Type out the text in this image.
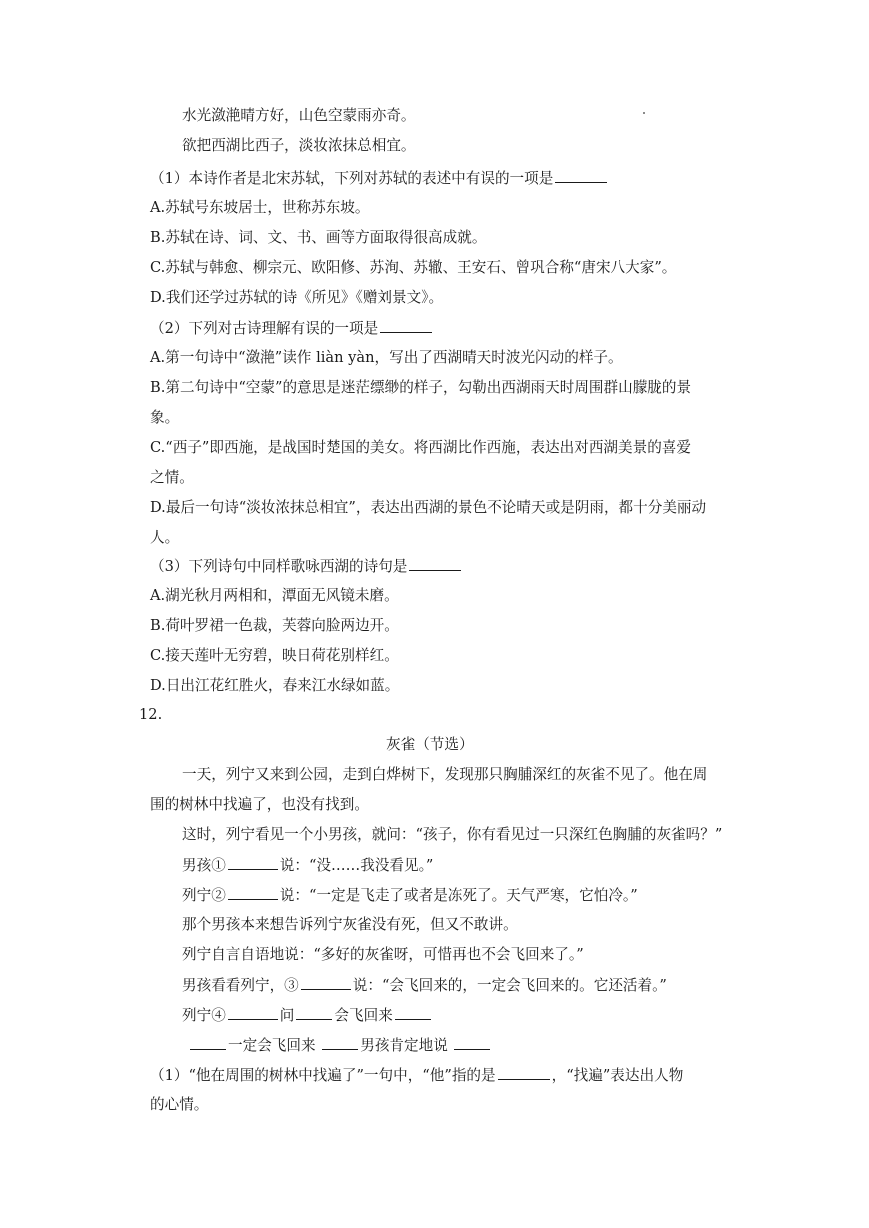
水光潋滟晴方好，山色空蒙雨亦奇。
欲把西湖比西子，淡妆浓抹总相宜。
（1）本诗作者是北宋苏轼，下列对苏轼的表述中有误的一项是
A.苏轼号东坡居士，世称苏东坡。
B.苏轼在诗、词、文、书、画等方面取得很高成就。
C.苏轼与韩愈、柳宗元、欧阳修、苏洵、苏辙、王安石、曾巩合称“唐宋八大家”。
D.我们还学过苏轼的诗《所见》《赠刘景文》。
（2）下列对古诗理解有误的一项是
A.第一句诗中“潋滟”读作 liàn yàn，写出了西湖晴天时波光闪动的样子。
B.第二句诗中“空蒙”的意思是迷茫缥缈的样子，勾勒出西湖雨天时周围群山朦胧的景
象。
C.“西子”即西施，是战国时楚国的美女。将西湖比作西施，表达出对西湖美景的喜爱
之情。
D.最后一句诗“淡妆浓抹总相宜”，表达出西湖的景色不论晴天或是阴雨，都十分美丽动
人。
（3）下列诗句中同样歌咏西湖的诗句是
A.湖光秋月两相和，潭面无风镜未磨。
B.荷叶罗裙一色裁，芙蓉向脸两边开。
C.接天莲叶无穷碧，映日荷花别样红。
D.日出江花红胜火，春来江水绿如蓝。
12.
灰雀（节选）
一天，列宁又来到公园，走到白烨树下，发现那只胸脯深红的灰雀不见了。他在周
围的树林中找遍了，也没有找到。
这时，列宁看见一个小男孩，就问：“孩子，你有看见过一只深红色胸脯的灰雀吗？”
男孩①	说：“没……我没看见。”
列宁②	说：“一定是飞走了或者是冻死了。天气严寒，它怕冷。”
那个男孩本来想告诉列宁灰雀没有死，但又不敢讲。
列宁自言自语地说：“多好的灰雀呀，可惜再也不会飞回来了。”
男孩看看列宁，③	说：“会飞回来的，一定会飞回来的。它还活着。”
列宁④	问	会飞回来
一定会飞回来	男孩肯定地说
（1）“他在周围的树林中找遍了”一句中，“他”指的是	，“找遍”表达出人物
的心情。
